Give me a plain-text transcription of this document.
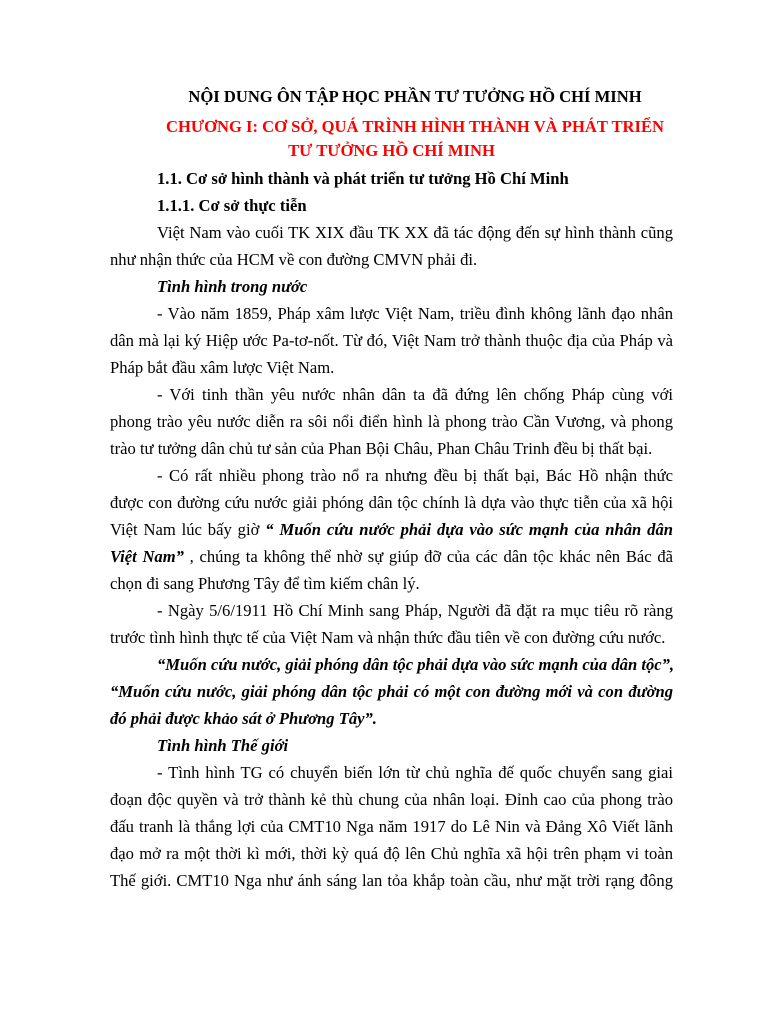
NỘI DUNG ÔN TẬP HỌC PHẦN TƯ TƯỞNG HỒ CHÍ MINH
CHƯƠNG I: CƠ SỞ, QUÁ TRÌNH HÌNH THÀNH VÀ PHÁT TRIỂN
TƯ TƯỞNG HỒ CHÍ MINH
1.1. Cơ sở hình thành và phát triển tư tưởng Hồ Chí Minh
1.1.1. Cơ sở thực tiễn
Việt Nam vào cuối TK XIX đầu TK XX đã tác động đến sự hình thành cũng
như nhận thức của HCM về con đường CMVN phải đi.
Tình hình trong nước
- Vào năm 1859, Pháp xâm lược Việt Nam, triều đình không lãnh đạo nhân
dân mà lại ký Hiệp ước Pa-tơ-nốt. Từ đó, Việt Nam trở thành thuộc địa của Pháp và
Pháp bắt đầu xâm lược Việt Nam.
- Với tinh thần yêu nước nhân dân ta đã đứng lên chống Pháp cùng với
phong trào yêu nước diễn ra sôi nổi điển hình là phong trào Cần Vương, và phong
trào tư tưởng dân chủ tư sản của Phan Bội Châu, Phan Châu Trinh đều bị thất bại.
- Có rất nhiều phong trào nổ ra nhưng đều bị thất bại, Bác Hồ nhận thức
được con đường cứu nước giải phóng dân tộc chính là dựa vào thực tiễn của xã hội
Việt Nam lúc bấy giờ “ Muốn cứu nước phải dựa vào sức mạnh của nhân dân
Việt Nam” , chúng ta không thể nhờ sự giúp đỡ của các dân tộc khác nên Bác đã
chọn đi sang Phương Tây để tìm kiếm chân lý.
- Ngày 5/6/1911 Hồ Chí Minh sang Pháp, Người đã đặt ra mục tiêu rõ ràng
trước tình hình thực tế của Việt Nam và nhận thức đầu tiên về con đường cứu nước.
“Muốn cứu nước, giải phóng dân tộc phải dựa vào sức mạnh của dân tộc”,
“Muốn cứu nước, giải phóng dân tộc phải có một con đường mới và con đường
đó phải được khảo sát ở Phương Tây”.
Tình hình Thế giới
- Tình hình TG có chuyển biến lớn từ chủ nghĩa đế quốc chuyển sang giai
đoạn độc quyền và trở thành kẻ thù chung của nhân loại. Đỉnh cao của phong trào
đấu tranh là thắng lợi của CMT10 Nga năm 1917 do Lê Nin và Đảng Xô Viết lãnh
đạo mở ra một thời kì mới, thời kỳ quá độ lên Chủ nghĩa xã hội trên phạm vi toàn
Thế giới. CMT10 Nga như ánh sáng lan tỏa khắp toàn cầu, như mặt trời rạng đông
